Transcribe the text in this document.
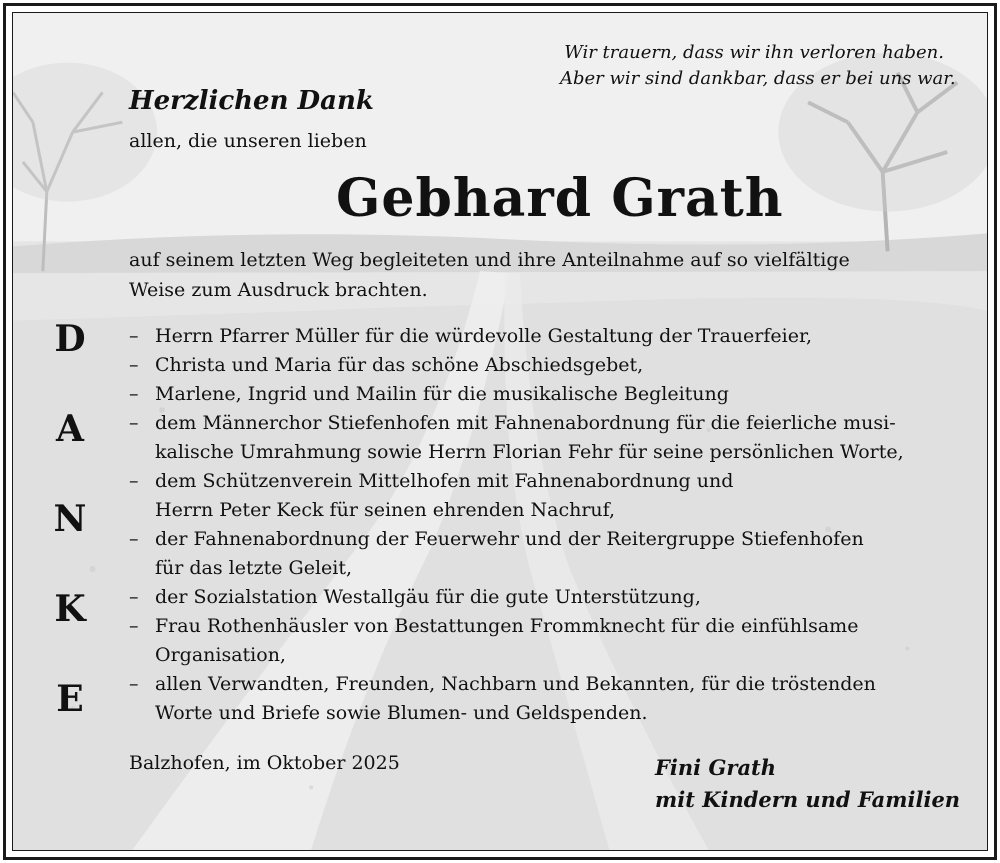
Wir trauern, dass wir ihn verloren haben.
Aber wir sind dankbar, dass er bei uns war.
Herzlichen Dank
allen, die unseren lieben
Gebhard Grath
auf seinem letzten Weg begleiteten und ihre Anteilnahme auf so vielfältige
Weise zum Ausdruck brachten.
D
A
N
K
E
– Herrn Pfarrer Müller für die würdevolle Gestaltung der Trauerfeier,
– Christa und Maria für das schöne Abschiedsgebet,
– Marlene, Ingrid und Mailin für die musikalische Begleitung
– dem Männerchor Stiefenhofen mit Fahnenabordnung für die feierliche musi-
kalische Umrahmung sowie Herrn Florian Fehr für seine persönlichen Worte,
– dem Schützenverein Mittelhofen mit Fahnenabordnung und
Herrn Peter Keck für seinen ehrenden Nachruf,
– der Fahnenabordnung der Feuerwehr und der Reitergruppe Stiefenhofen
für das letzte Geleit,
– der Sozialstation Westallgäu für die gute Unterstützung,
– Frau Rothenhäusler von Bestattungen Frommknecht für die einfühlsame
Organisation,
– allen Verwandten, Freunden, Nachbarn und Bekannten, für die tröstenden
Worte und Briefe sowie Blumen- und Geldspenden.
Balzhofen, im Oktober 2025	Fini Grath
mit Kindern und Familien
